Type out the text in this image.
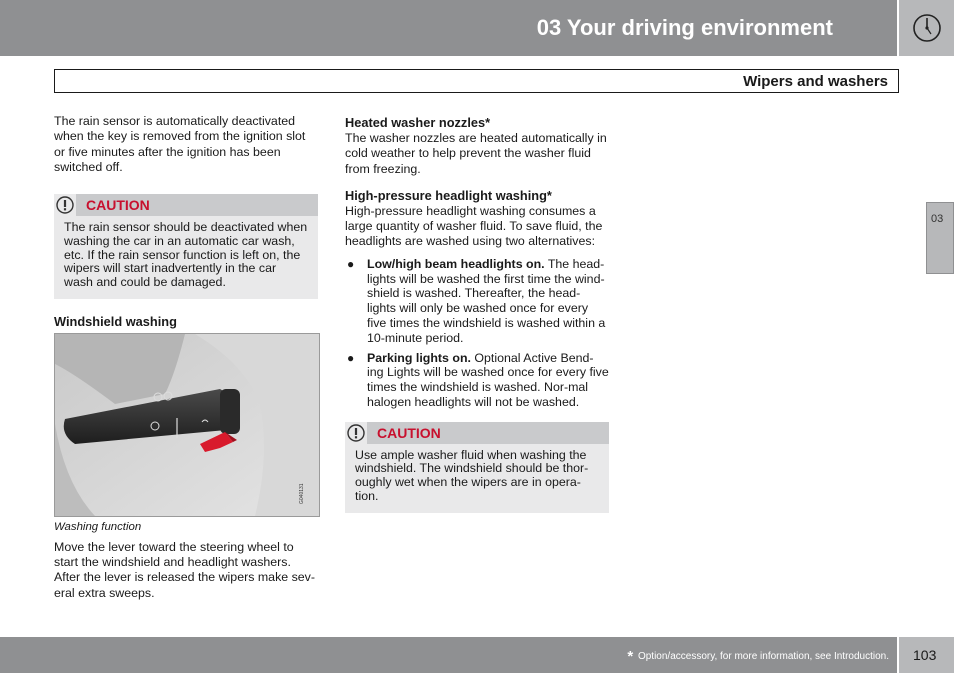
03 Your driving environment
Wipers and washers

The rain sensor is automatically deactivated when the key is removed from the ignition slot or five minutes after the ignition has been switched off.

CAUTION
The rain sensor should be deactivated when washing the car in an automatic car wash, etc. If the rain sensor function is left on, the wipers will start inadvertently in the car wash and could be damaged.
Windshield washing
G040131
Washing function

Move the lever toward the steering wheel to start the windshield and headlight washers. After the lever is released the wipers make sev-eral extra sweeps.

Heated washer nozzles*

The washer nozzles are heated automatically in cold weather to help prevent the washer fluid from freezing.

High-pressure headlight washing*

High-pressure headlight washing consumes a large quantity of washer fluid. To save fluid, the headlights are washed using two alternatives:

● Low/high beam headlights on. The head-lights will be washed the first time the wind-shield is washed. Thereafter, the head-lights will only be washed once for every five times the windshield is washed within a 10-minute period.
● Parking lights on. Optional Active Bend-ing Lights will be washed once for every five times the windshield is washed. Nor-mal halogen headlights will not be washed.
CAUTION
Use ample washer fluid when washing the windshield. The windshield should be thor-oughly wet when the wipers are in opera-tion.
03
* Option/accessory, for more information, see Introduction. 103
